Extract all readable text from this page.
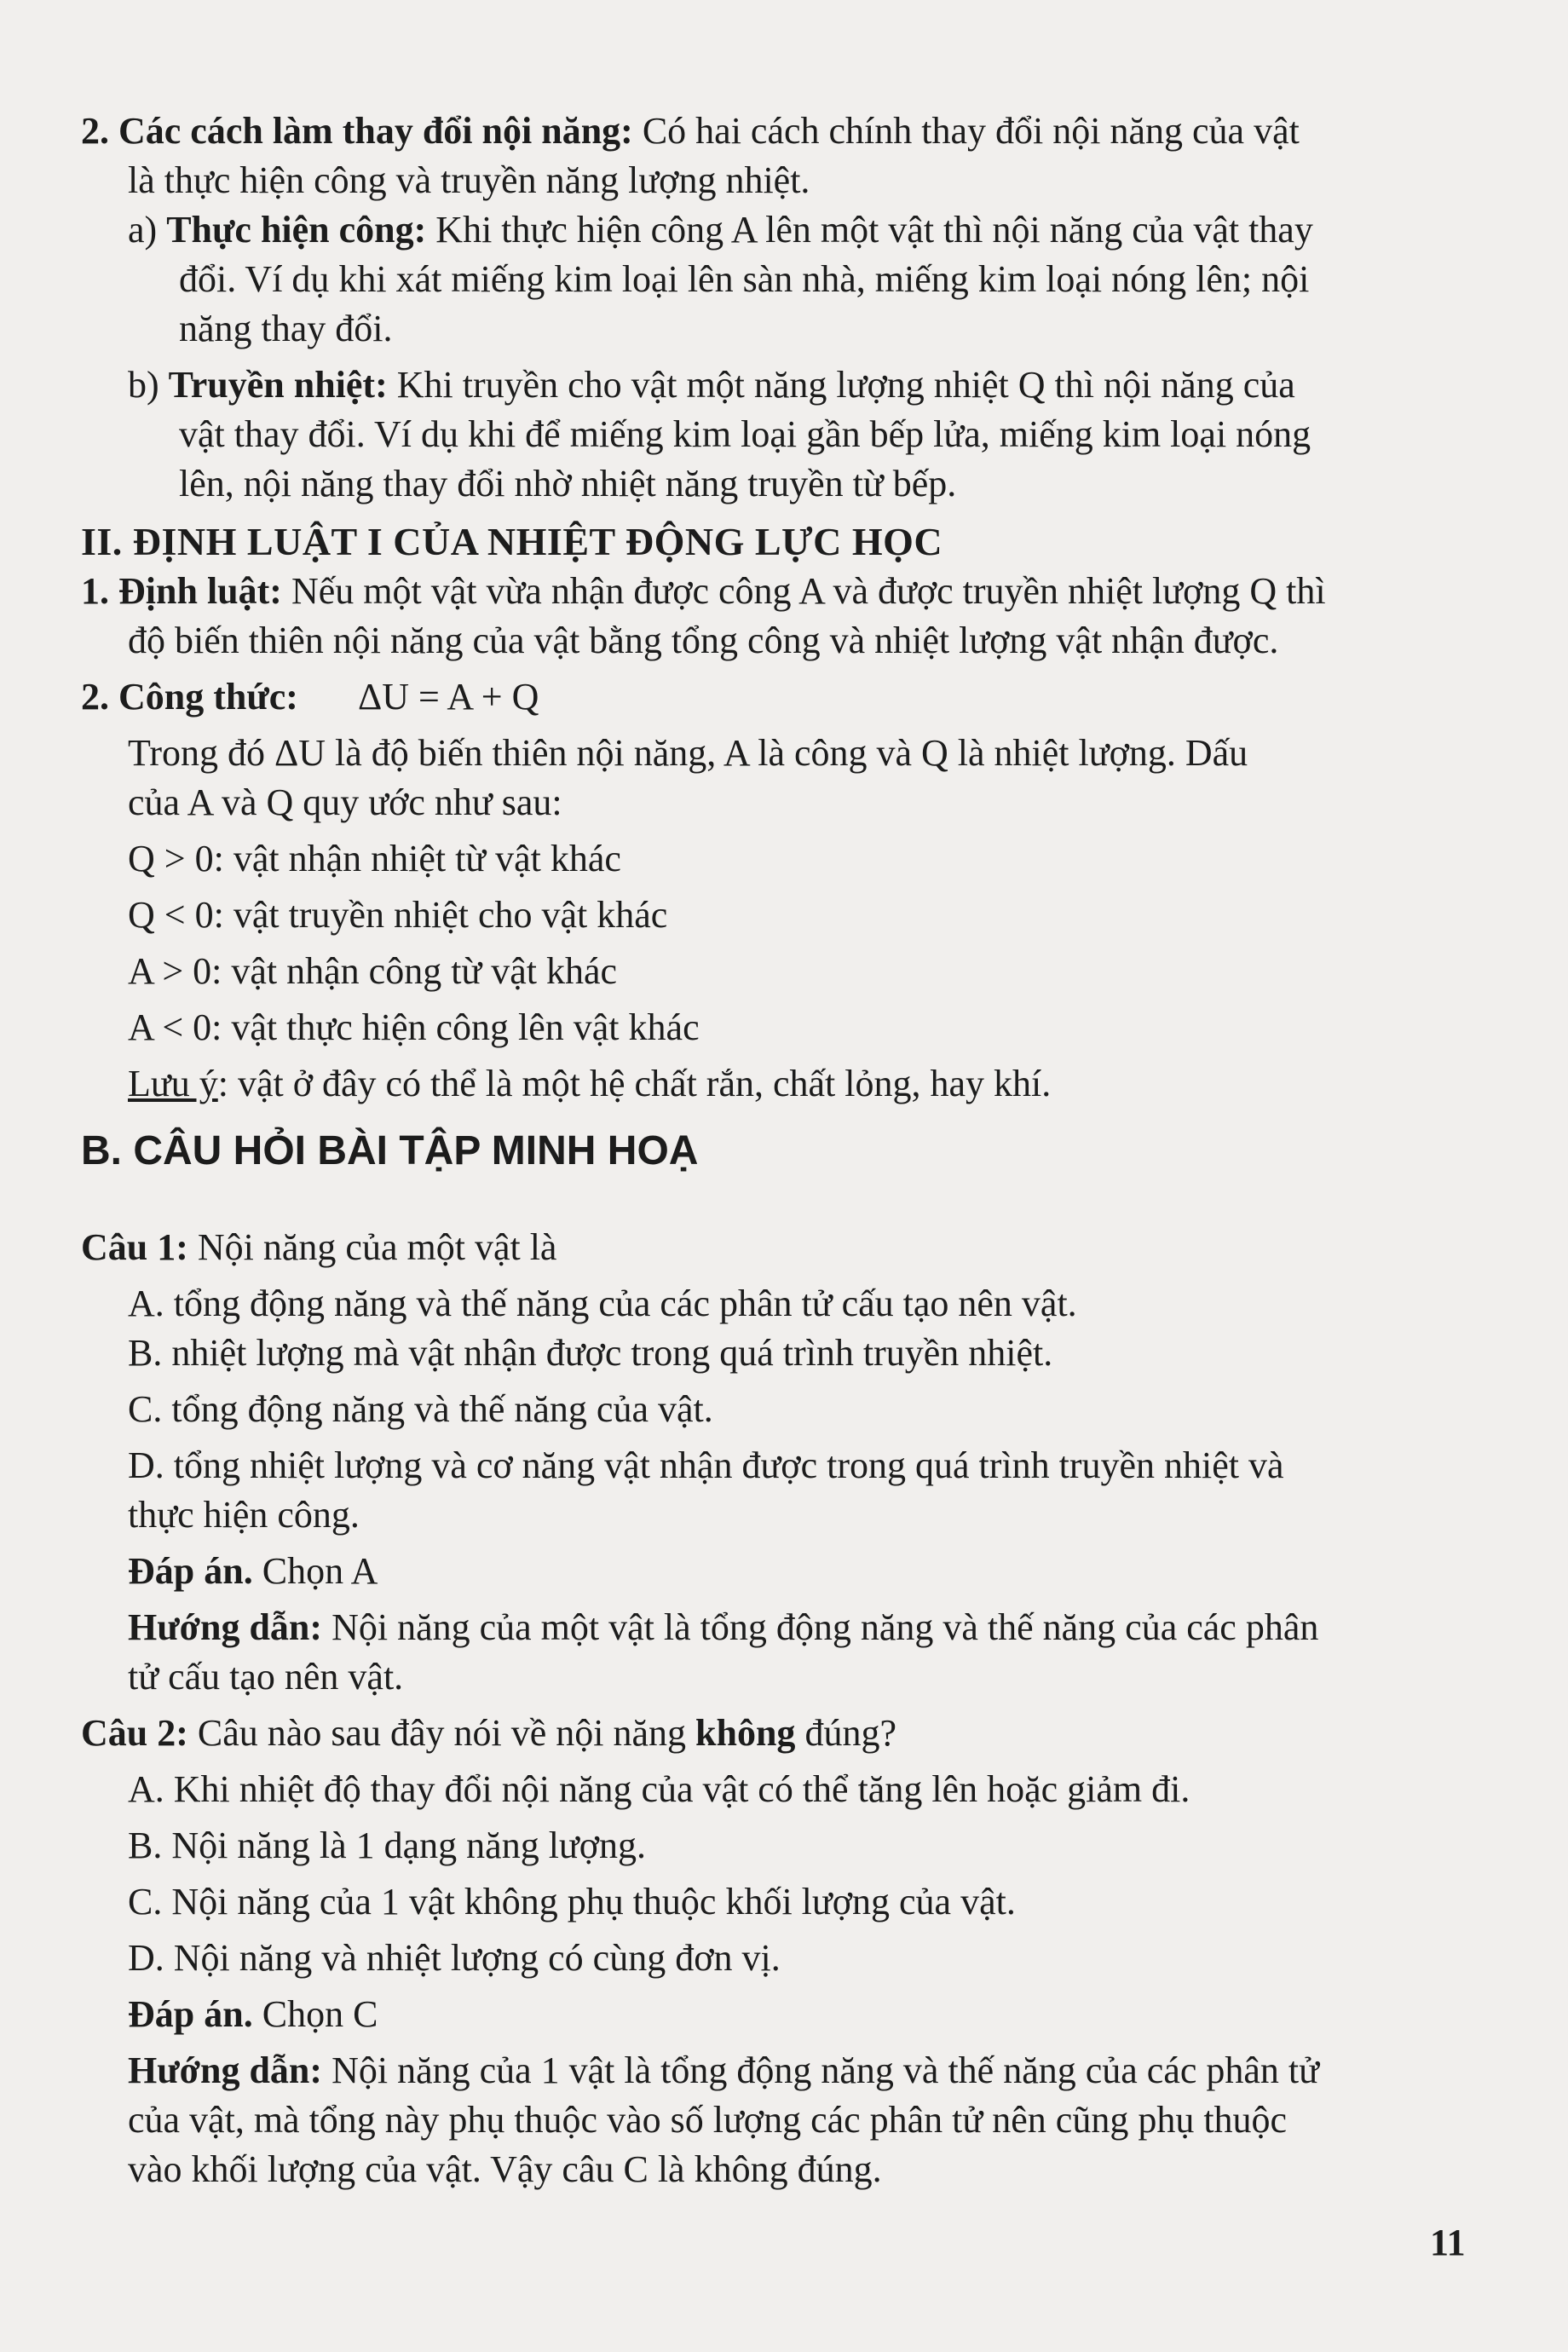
2. Các cách làm thay đổi nội năng: Có hai cách chính thay đổi nội năng của vật

là thực hiện công và truyền năng lượng nhiệt.

a) Thực hiện công: Khi thực hiện công A lên một vật thì nội năng của vật thay

đổi. Ví dụ khi xát miếng kim loại lên sàn nhà, miếng kim loại nóng lên; nội

năng thay đổi.

b) Truyền nhiệt: Khi truyền cho vật một năng lượng nhiệt Q thì nội năng của

vật thay đổi. Ví dụ khi để miếng kim loại gần bếp lửa, miếng kim loại nóng

lên, nội năng thay đổi nhờ nhiệt năng truyền từ bếp.

II. ĐỊNH LUẬT I CỦA NHIỆT ĐỘNG LỰC HỌC

1. Định luật: Nếu một vật vừa nhận được công A và được truyền nhiệt lượng Q thì

độ biến thiên nội năng của vật bằng tổng công và nhiệt lượng vật nhận được.

2. Công thức: ΔU = A + Q

Trong đó ΔU là độ biến thiên nội năng, A là công và Q là nhiệt lượng. Dấu

của A và Q quy ước như sau:

Q > 0: vật nhận nhiệt từ vật khác

Q < 0: vật truyền nhiệt cho vật khác

A > 0: vật nhận công từ vật khác

A < 0: vật thực hiện công lên vật khác

Lưu ý: vật ở đây có thể là một hệ chất rắn, chất lỏng, hay khí.

B. CÂU HỎI BÀI TẬP MINH HOẠ

Câu 1: Nội năng của một vật là

A. tổng động năng và thế năng của các phân tử cấu tạo nên vật.

B. nhiệt lượng mà vật nhận được trong quá trình truyền nhiệt.

C. tổng động năng và thế năng của vật.

D. tổng nhiệt lượng và cơ năng vật nhận được trong quá trình truyền nhiệt và

thực hiện công.

Đáp án. Chọn A

Hướng dẫn: Nội năng của một vật là tổng động năng và thế năng của các phân

tử cấu tạo nên vật.

Câu 2: Câu nào sau đây nói về nội năng không đúng?

A. Khi nhiệt độ thay đổi nội năng của vật có thể tăng lên hoặc giảm đi.

B. Nội năng là 1 dạng năng lượng.

C. Nội năng của 1 vật không phụ thuộc khối lượng của vật.

D. Nội năng và nhiệt lượng có cùng đơn vị.

Đáp án. Chọn C

Hướng dẫn: Nội năng của 1 vật là tổng động năng và thế năng của các phân tử

của vật, mà tổng này phụ thuộc vào số lượng các phân tử nên cũng phụ thuộc

vào khối lượng của vật. Vậy câu C là không đúng.

11
